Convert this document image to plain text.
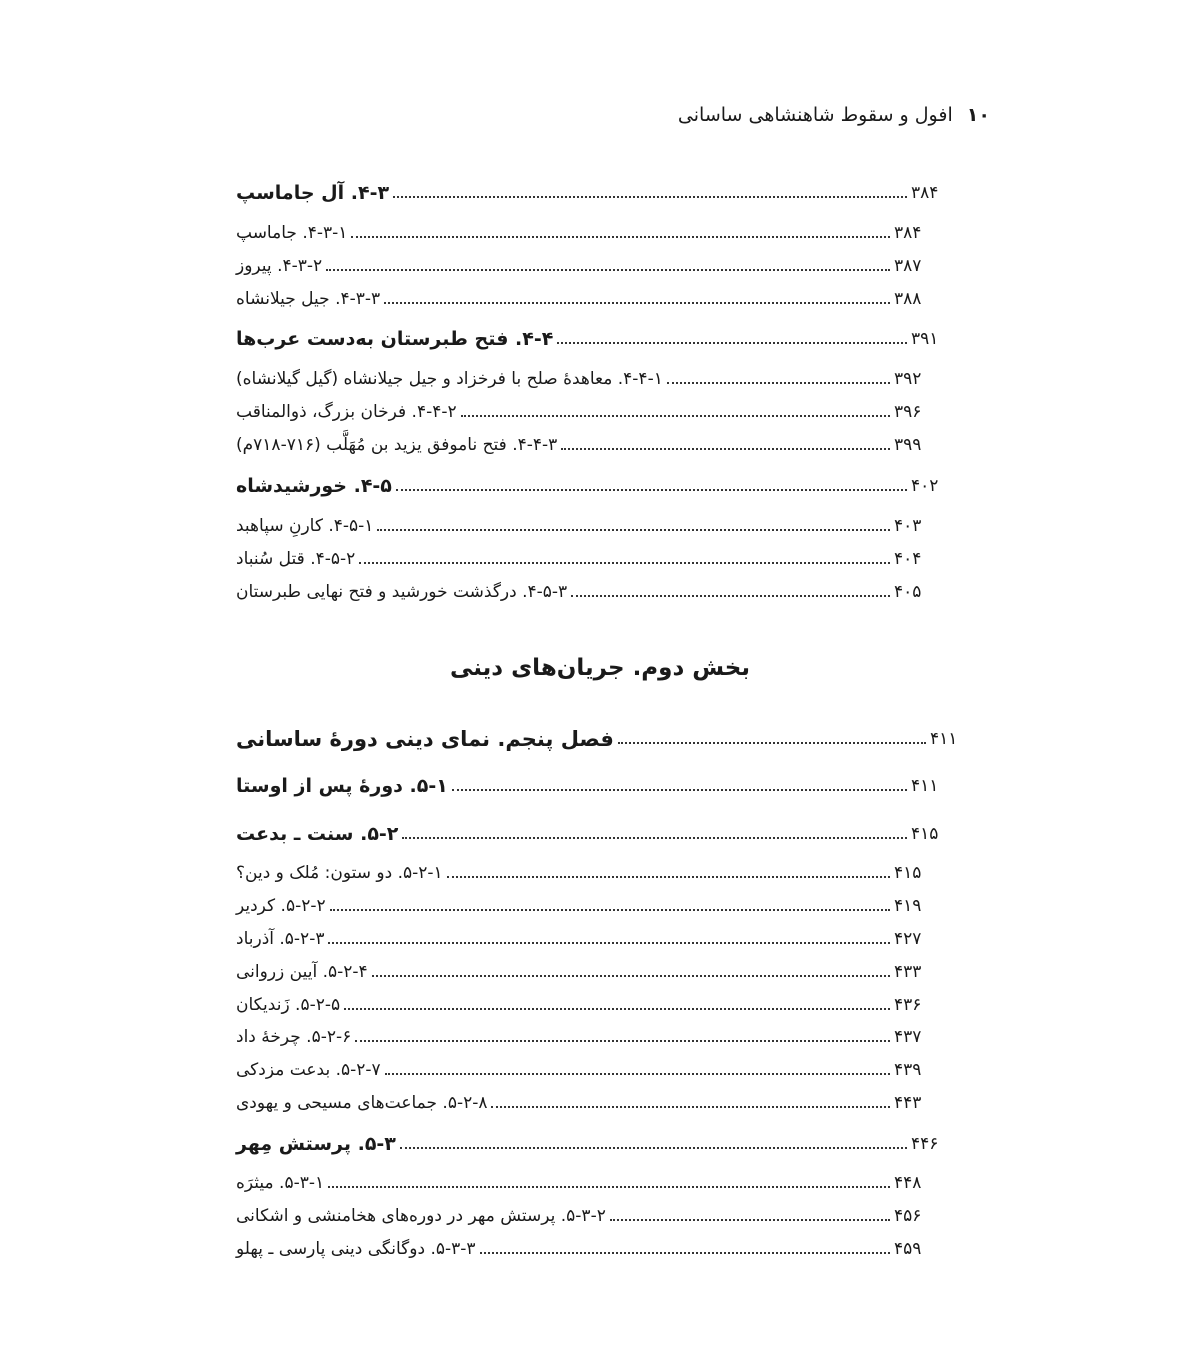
۱۰ افول و سقوط شاهنشاهی ساسانی
۴-۳. آل جاماسپ	۳۸۴
۴-۳-۱. جاماسپ	۳۸۴
۴-۳-۲. پیروز	۳۸۷
۴-۳-۳. جیل جیلانشاه	۳۸۸
۴-۴. فتح طبرستان به‌دست عرب‌ها	۳۹۱
۴-۴-۱. معاهدهٔ صلح با فرخزاد و جیل جیلانشاه (گیل گیلانشاه)	۳۹۲
۴-۴-۲. فرخان بزرگ، ذوالمناقب	۳۹۶
۴-۴-۳. فتح ناموفق یزید بن مُهَلَّب (۷۱۶-۷۱۸م)	۳۹۹
۴-۵. خورشیدشاه	۴۰۲
۴-۵-۱. کارنِ سپاهبد	۴۰۳
۴-۵-۲. قتل سُنباد	۴۰۴
۴-۵-۳. درگذشت خورشید و فتح نهایی طبرستان	۴۰۵
بخش دوم. جریان‌های دینی
فصل پنجم. نمای دینی دورهٔ ساسانی	۴۱۱
۵-۱. دورهٔ پس از اوستا	۴۱۱
۵-۲. سنت ـ بدعت	۴۱۵
۵-۲-۱. دو ستون: مُلک و دین؟	۴۱۵
۵-۲-۲. کردیر	۴۱۹
۵-۲-۳. آذرباد	۴۲۷
۵-۲-۴. آیین زروانی	۴۳۳
۵-۲-۵. زَندیکان	۴۳۶
۵-۲-۶. چرخهٔ داد	۴۳۷
۵-۲-۷. بدعت مزدکی	۴۳۹
۵-۲-۸. جماعت‌های مسیحی و یهودی	۴۴۳
۵-۳. پرستش مِهر	۴۴۶
۵-۳-۱. میثرَه	۴۴۸
۵-۳-۲. پرستش مهر در دوره‌های هخامنشی و اشکانی	۴۵۶
۵-۳-۳. دوگانگی دینی پارسی ـ پهلو	۴۵۹
